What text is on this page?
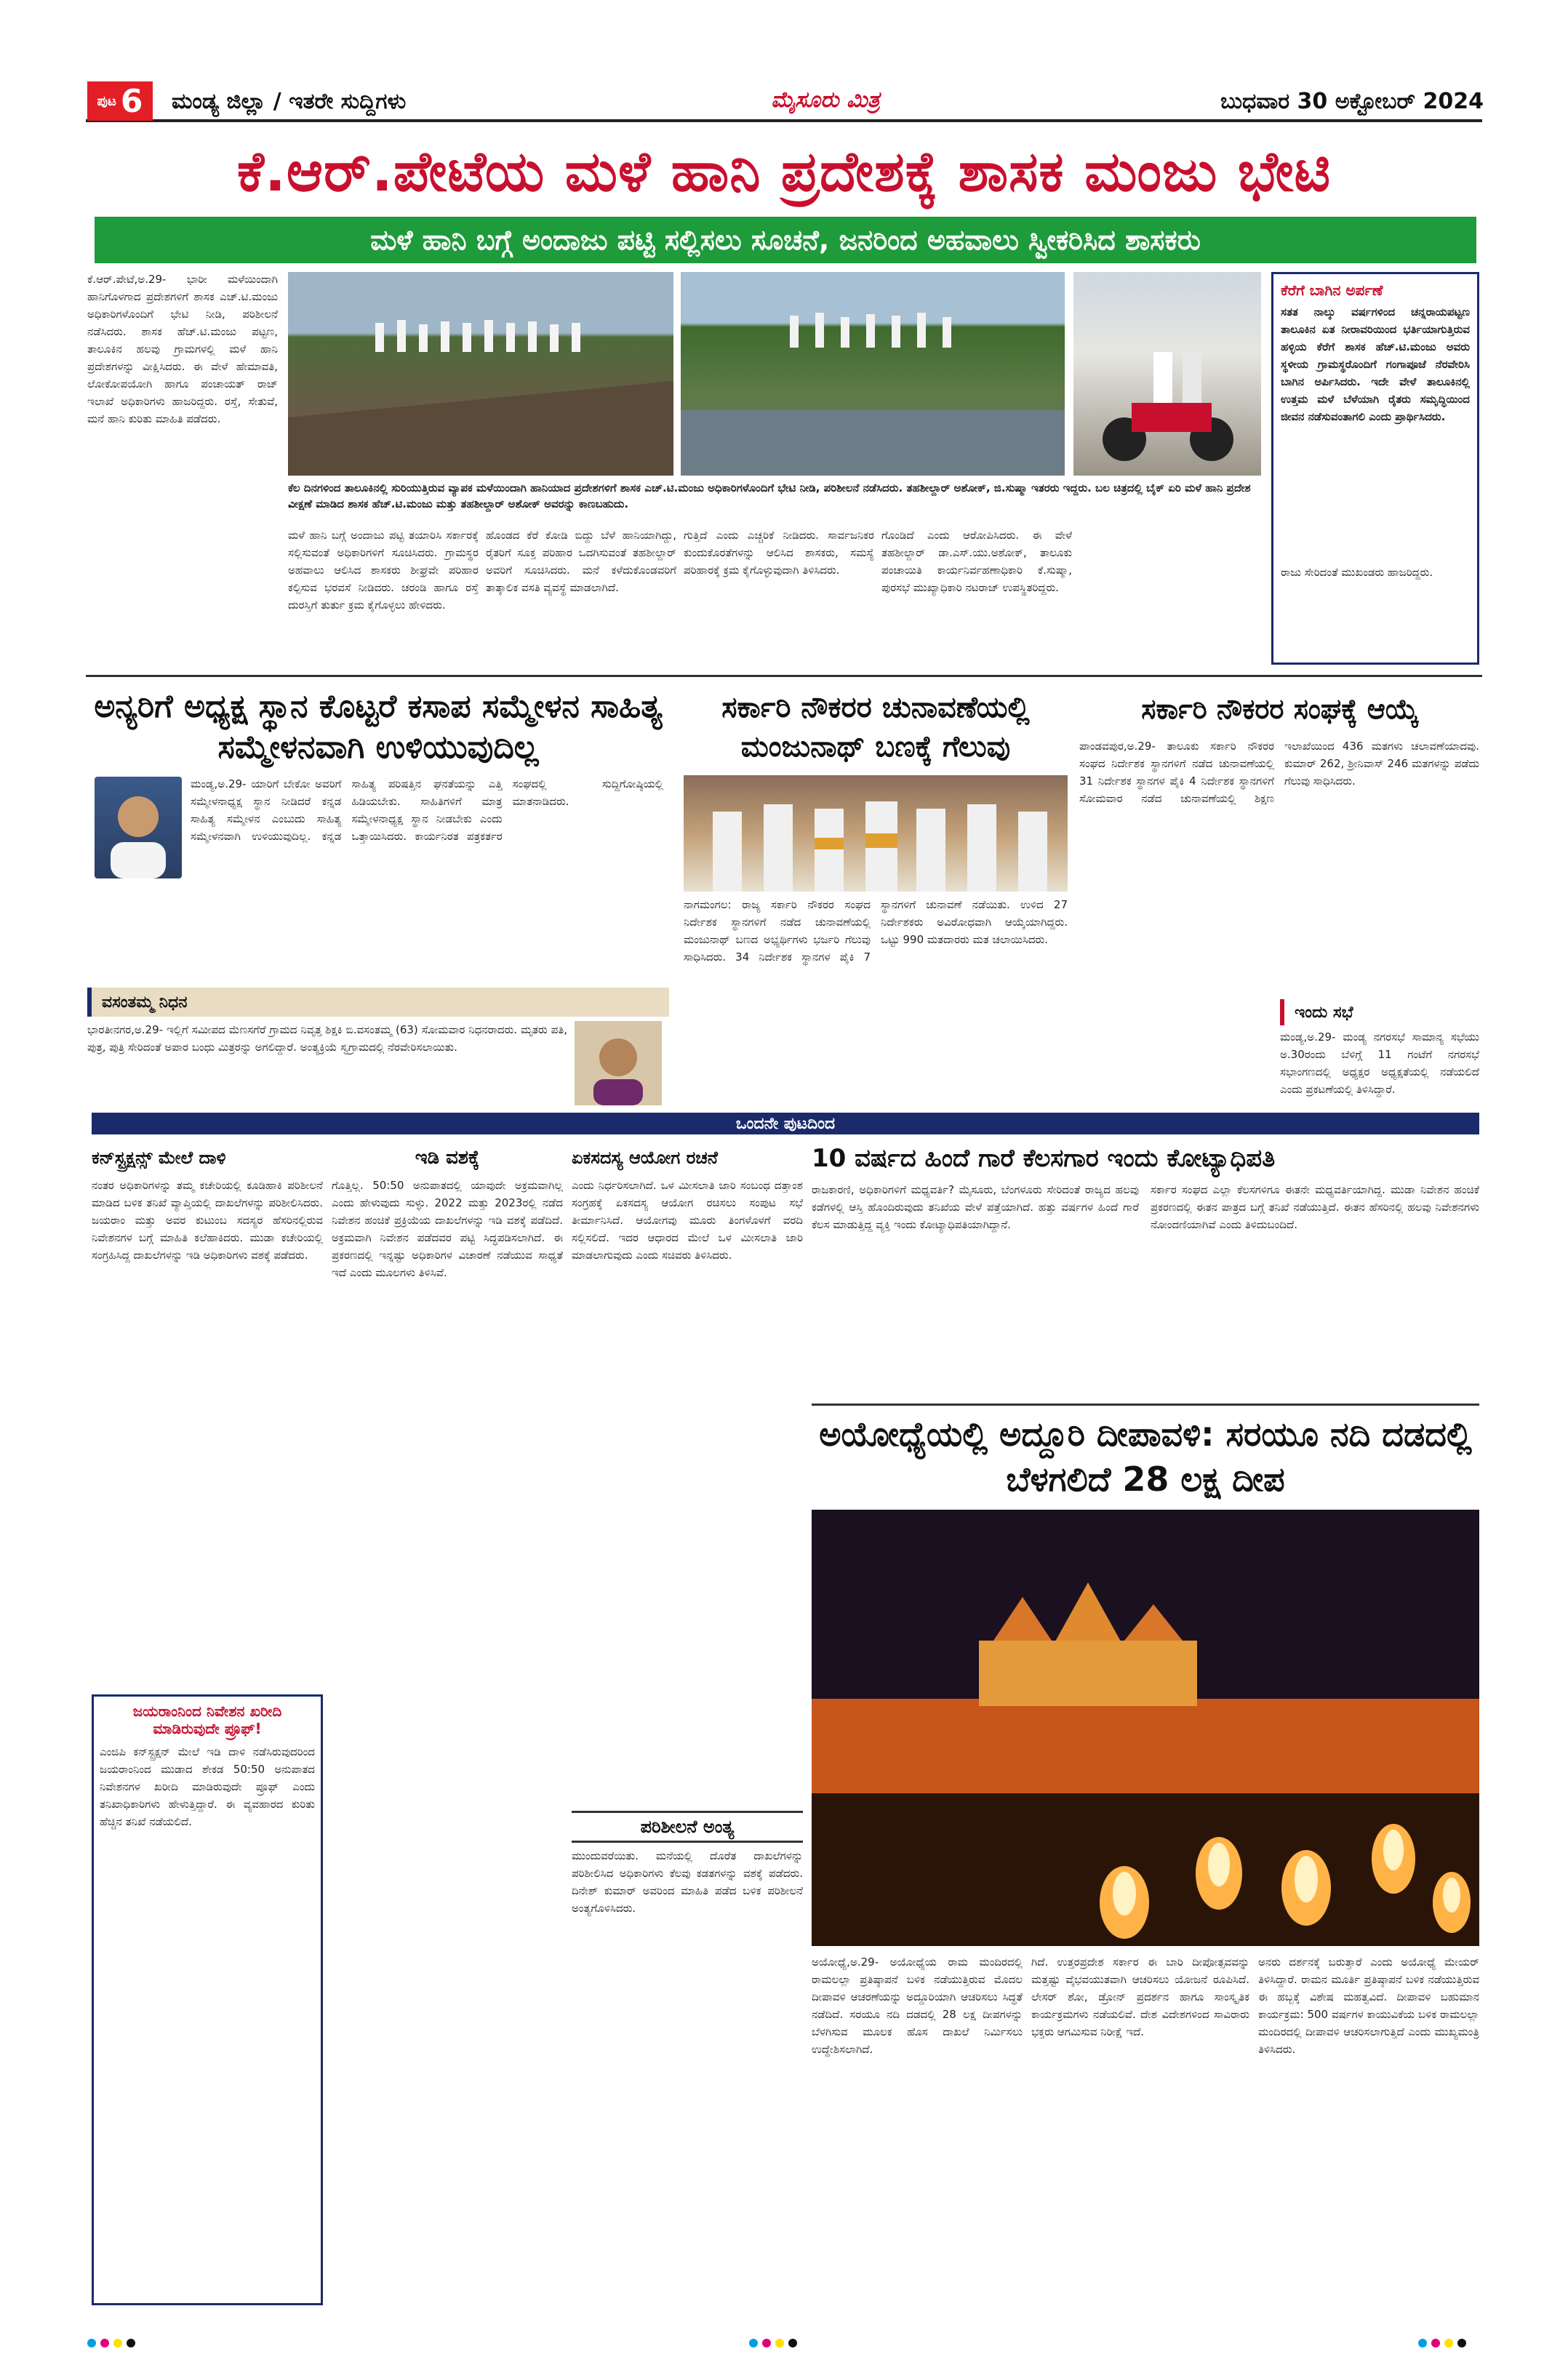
ಪುಟ 6 ಮಂಡ್ಯ ಜಿಲ್ಲಾ / ಇತರೇ ಸುದ್ದಿಗಳು	ಮೈಸೂರು ಮಿತ್ರ	ಬುಧವಾರ 30 ಅಕ್ಟೋಬರ್ 2024
ಕೆ.ಆರ್.ಪೇಟೆಯ ಮಳೆ ಹಾನಿ ಪ್ರದೇಶಕ್ಕೆ ಶಾಸಕ ಮಂಜು ಭೇಟಿ
ಮಳೆ ಹಾನಿ ಬಗ್ಗೆ ಅಂದಾಜು ಪಟ್ಟಿ ಸಲ್ಲಿಸಲು ಸೂಚನೆ, ಜನರಿಂದ ಅಹವಾಲು ಸ್ವೀಕರಿಸಿದ ಶಾಸಕರು
ಕೆ.ಆರ್.ಪೇಟೆ,ಅ.29- ಭಾರೀ ಮಳೆಯಿಂದಾಗಿ ಹಾನಿಗೊಳಗಾದ ಪ್ರದೇಶಗಳಿಗೆ ಶಾಸಕ ಎಚ್.ಟಿ.ಮಂಜು ಅಧಿಕಾರಿಗಳೊಂದಿಗೆ ಭೇಟಿ ನೀಡಿ, ಪರಿಶೀಲನೆ ನಡೆಸಿದರು. ಶಾಸಕ ಹೆಚ್.ಟಿ.ಮಂಜು ಪಟ್ಟಣ, ತಾಲೂಕಿನ ಹಲವು ಗ್ರಾಮಗಳಲ್ಲಿ ಮಳೆ ಹಾನಿ ಪ್ರದೇಶಗಳನ್ನು ವೀಕ್ಷಿಸಿದರು. ಈ ವೇಳೆ ಹೇಮಾವತಿ, ಲೋಕೋಪಯೋಗಿ ಹಾಗೂ ಪಂಚಾಯತ್ ರಾಜ್ ಇಲಾಖೆ ಅಧಿಕಾರಿಗಳು ಹಾಜರಿದ್ದರು. ರಸ್ತೆ, ಸೇತುವೆ, ಮನೆ ಹಾನಿ ಕುರಿತು ಮಾಹಿತಿ ಪಡೆದರು.
ಕೆಲ ದಿನಗಳಿಂದ ತಾಲೂಕಿನಲ್ಲಿ ಸುರಿಯುತ್ತಿರುವ ವ್ಯಾಪಕ ಮಳೆಯಿಂದಾಗಿ ಹಾನಿಯಾದ ಪ್ರದೇಶಗಳಿಗೆ ಶಾಸಕ ಎಚ್.ಟಿ.ಮಂಜು ಅಧಿಕಾರಿಗಳೊಂದಿಗೆ ಭೇಟಿ ನೀಡಿ, ಪರಿಶೀಲನೆ ನಡೆಸಿದರು. ತಹಶೀಲ್ದಾರ್ ಅಶೋಕ್, ಜಿ.ಸುಷ್ಮಾ ಇತರರು ಇದ್ದರು. ಬಲ ಚಿತ್ರದಲ್ಲಿ ಬೈಕ್ ಏರಿ ಮಳೆ ಹಾನಿ ಪ್ರದೇಶ ವೀಕ್ಷಣೆ ಮಾಡಿದ ಶಾಸಕ ಹೆಚ್.ಟಿ.ಮಂಜು ಮತ್ತು ತಹಶೀಲ್ದಾರ್ ಅಶೋಕ್ ಅವರನ್ನು ಕಾಣಬಹುದು.
ಮಳೆ ಹಾನಿ ಬಗ್ಗೆ ಅಂದಾಜು ಪಟ್ಟಿ ತಯಾರಿಸಿ ಸರ್ಕಾರಕ್ಕೆ ಸಲ್ಲಿಸುವಂತೆ ಅಧಿಕಾರಿಗಳಿಗೆ ಸೂಚಿಸಿದರು. ಗ್ರಾಮಸ್ಥರ ಅಹವಾಲು ಆಲಿಸಿದ ಶಾಸಕರು ಶೀಘ್ರವೇ ಪರಿಹಾರ ಕಲ್ಪಿಸುವ ಭರವಸೆ ನೀಡಿದರು. ಚರಂಡಿ ಹಾಗೂ ರಸ್ತೆ ದುರಸ್ತಿಗೆ ತುರ್ತು ಕ್ರಮ ಕೈಗೊಳ್ಳಲು ಹೇಳಿದರು.
ಹೊಂಡದ ಕೆರೆ ಕೋಡಿ ಬಿದ್ದು ಬೆಳೆ ಹಾನಿಯಾಗಿದ್ದು, ರೈತರಿಗೆ ಸೂಕ್ತ ಪರಿಹಾರ ಒದಗಿಸುವಂತೆ ತಹಶೀಲ್ದಾರ್ ಅವರಿಗೆ ಸೂಚಿಸಿದರು. ಮನೆ ಕಳೆದುಕೊಂಡವರಿಗೆ ತಾತ್ಕಾಲಿಕ ವಸತಿ ವ್ಯವಸ್ಥೆ ಮಾಡಲಾಗಿದೆ.
ಗುತ್ತಿದೆ ಎಂದು ಎಚ್ಚರಿಕೆ ನೀಡಿದರು. ಸಾರ್ವಜನಿಕರ ಕುಂದುಕೊರತೆಗಳನ್ನು ಆಲಿಸಿದ ಶಾಸಕರು, ಸಮಸ್ಯೆ ಪರಿಹಾರಕ್ಕೆ ಕ್ರಮ ಕೈಗೊಳ್ಳುವುದಾಗಿ ತಿಳಿಸಿದರು.
ಗೊಂಡಿದೆ ಎಂದು ಆರೋಪಿಸಿದರು. ಈ ವೇಳೆ ತಹಶೀಲ್ದಾರ್ ಡಾ.ಎಸ್.ಯು.ಅಶೋಕ್, ತಾಲೂಕು ಪಂಚಾಯಿತಿ ಕಾರ್ಯನಿರ್ವಹಣಾಧಿಕಾರಿ ಕೆ.ಸುಷ್ಮಾ, ಪುರಸಭೆ ಮುಖ್ಯಾಧಿಕಾರಿ ನಟರಾಜ್ ಉಪಸ್ಥಿತರಿದ್ದರು.
ಕೆರೆಗೆ ಬಾಗಿನ ಅರ್ಪಣೆ
ಸತತ ನಾಲ್ಕು ವರ್ಷಗಳಿಂದ ಚನ್ನರಾಯಪಟ್ಟಣ ತಾಲೂಕಿನ ಏತ ನೀರಾವರಿಯಿಂದ ಭರ್ತಿಯಾಗುತ್ತಿರುವ ಹಳ್ಳಿಯ ಕೆರೆಗೆ ಶಾಸಕ ಹೆಚ್.ಟಿ.ಮಂಜು ಅವರು ಸ್ಥಳೀಯ ಗ್ರಾಮಸ್ಥರೊಂದಿಗೆ ಗಂಗಾಪೂಜೆ ನೆರವೇರಿಸಿ ಬಾಗಿನ ಅರ್ಪಿಸಿದರು. ಇದೇ ವೇಳೆ ತಾಲೂಕಿನಲ್ಲಿ ಉತ್ತಮ ಮಳೆ ಬೆಳೆಯಾಗಿ ರೈತರು ಸಮೃದ್ಧಿಯಿಂದ ಜೀವನ ನಡೆಸುವಂತಾಗಲಿ ಎಂದು ಪ್ರಾರ್ಥಿಸಿದರು.
ರಾಜು ಸೇರಿದಂತೆ ಮುಖಂಡರು ಹಾಜರಿದ್ದರು.
ಅನ್ಯರಿಗೆ ಅಧ್ಯಕ್ಷ ಸ್ಥಾನ ಕೊಟ್ಟರೆ ಕಸಾಪ ಸಮ್ಮೇಳನ ಸಾಹಿತ್ಯ ಸಮ್ಮೇಳನವಾಗಿ ಉಳಿಯುವುದಿಲ್ಲ
ಮಂಡ್ಯ,ಅ.29- ಯಾರಿಗೆ ಬೇಕೋ ಅವರಿಗೆ ಸಮ್ಮೇಳನಾಧ್ಯಕ್ಷ ಸ್ಥಾನ ನೀಡಿದರೆ ಕನ್ನಡ ಸಾಹಿತ್ಯ ಸಮ್ಮೇಳನ ಎಂಬುದು ಸಾಹಿತ್ಯ ಸಮ್ಮೇಳನವಾಗಿ ಉಳಿಯುವುದಿಲ್ಲ. ಕನ್ನಡ ಸಾಹಿತ್ಯ ಪರಿಷತ್ತಿನ ಘನತೆಯನ್ನು ಎತ್ತಿ ಹಿಡಿಯಬೇಕು. ಸಾಹಿತಿಗಳಿಗೆ ಮಾತ್ರ ಸಮ್ಮೇಳನಾಧ್ಯಕ್ಷ ಸ್ಥಾನ ನೀಡಬೇಕು ಎಂದು ಒತ್ತಾಯಿಸಿದರು. ಕಾರ್ಯನಿರತ ಪತ್ರಕರ್ತರ ಸಂಘದಲ್ಲಿ ಸುದ್ದಿಗೋಷ್ಠಿಯಲ್ಲಿ ಮಾತನಾಡಿದರು.
ವಸಂತಮ್ಮ ನಿಧನ
ಭಾರತೀನಗರ,ಅ.29- ಇಲ್ಲಿಗೆ ಸಮೀಪದ ಮೆಣಸಗೆರೆ ಗ್ರಾಮದ ನಿವೃತ್ತ ಶಿಕ್ಷಕಿ ಬಿ.ವಸಂತಮ್ಮ (63) ಸೋಮವಾರ ನಿಧನರಾದರು. ಮೃತರು ಪತಿ, ಪುತ್ರ, ಪುತ್ರಿ ಸೇರಿದಂತೆ ಅಪಾರ ಬಂಧು ಮಿತ್ರರನ್ನು ಅಗಲಿದ್ದಾರೆ. ಅಂತ್ಯಕ್ರಿಯೆ ಸ್ವಗ್ರಾಮದಲ್ಲಿ ನೆರವೇರಿಸಲಾಯಿತು.
ಸರ್ಕಾರಿ ನೌಕರರ ಚುನಾವಣೆಯಲ್ಲಿ ಮಂಜುನಾಥ್ ಬಣಕ್ಕೆ ಗೆಲುವು
ನಾಗಮಂಗಲ: ರಾಜ್ಯ ಸರ್ಕಾರಿ ನೌಕರರ ಸಂಘದ ನಿರ್ದೇಶಕ ಸ್ಥಾನಗಳಿಗೆ ನಡೆದ ಚುನಾವಣೆಯಲ್ಲಿ ಮಂಜುನಾಥ್ ಬಣದ ಅಭ್ಯರ್ಥಿಗಳು ಭರ್ಜರಿ ಗೆಲುವು ಸಾಧಿಸಿದರು. 34 ನಿರ್ದೇಶಕ ಸ್ಥಾನಗಳ ಪೈಕಿ 7 ಸ್ಥಾನಗಳಿಗೆ ಚುನಾವಣೆ ನಡೆಯಿತು. ಉಳಿದ 27 ನಿರ್ದೇಶಕರು ಅವಿರೋಧವಾಗಿ ಆಯ್ಕೆಯಾಗಿದ್ದರು. ಒಟ್ಟು 990 ಮತದಾರರು ಮತ ಚಲಾಯಿಸಿದರು.
ಸರ್ಕಾರಿ ನೌಕರರ ಸಂಘಕ್ಕೆ ಆಯ್ಕೆ
ಪಾಂಡವಪುರ,ಅ.29- ತಾಲೂಕು ಸರ್ಕಾರಿ ನೌಕರರ ಸಂಘದ ನಿರ್ದೇಶಕ ಸ್ಥಾನಗಳಿಗೆ ನಡೆದ ಚುನಾವಣೆಯಲ್ಲಿ 31 ನಿರ್ದೇಶಕ ಸ್ಥಾನಗಳ ಪೈಕಿ 4 ನಿರ್ದೇಶಕ ಸ್ಥಾನಗಳಿಗೆ ಸೋಮವಾರ ನಡೆದ ಚುನಾವಣೆಯಲ್ಲಿ ಶಿಕ್ಷಣ ಇಲಾಖೆಯಿಂದ 436 ಮತಗಳು ಚಲಾವಣೆಯಾದವು. ಕುಮಾರ್ 262, ಶ್ರೀನಿವಾಸ್ 246 ಮತಗಳನ್ನು ಪಡೆದು ಗೆಲುವು ಸಾಧಿಸಿದರು.
ಇಂದು ಸಭೆ
ಮಂಡ್ಯ,ಅ.29- ಮಂಡ್ಯ ನಗರಸಭೆ ಸಾಮಾನ್ಯ ಸಭೆಯು ಅ.30ರಂದು ಬೆಳಿಗ್ಗೆ 11 ಗಂಟೆಗೆ ನಗರಸಭೆ ಸಭಾಂಗಣದಲ್ಲಿ ಅಧ್ಯಕ್ಷರ ಅಧ್ಯಕ್ಷತೆಯಲ್ಲಿ ನಡೆಯಲಿದೆ ಎಂದು ಪ್ರಕಟಣೆಯಲ್ಲಿ ತಿಳಿಸಿದ್ದಾರೆ.
ಒಂದನೇ ಪುಟದಿಂದ
ಕನ್‌ಸ್ಟ್ರಕ್ಷನ್ಸ್ ಮೇಲೆ ದಾಳಿ
ನಂತರ ಅಧಿಕಾರಿಗಳನ್ನು ತಮ್ಮ ಕಚೇರಿಯಲ್ಲಿ ಕೂಡಿಹಾಕಿ ಪರಿಶೀಲನೆ ಮಾಡಿದ ಬಳಿಕ ತನಿಖೆ ವ್ಯಾಪ್ತಿಯಲ್ಲಿ ದಾಖಲೆಗಳನ್ನು ಪರಿಶೀಲಿಸಿದರು. ಜಯರಾಂ ಮತ್ತು ಅವರ ಕುಟುಂಬ ಸದಸ್ಯರ ಹೆಸರಿನಲ್ಲಿರುವ ನಿವೇಶನಗಳ ಬಗ್ಗೆ ಮಾಹಿತಿ ಕಲೆಹಾಕಿದರು. ಮುಡಾ ಕಚೇರಿಯಲ್ಲಿ ಸಂಗ್ರಹಿಸಿದ್ದ ದಾಖಲೆಗಳನ್ನು ಇಡಿ ಅಧಿಕಾರಿಗಳು ವಶಕ್ಕೆ ಪಡೆದರು.
ಜಯರಾಂನಿಂದ ನಿವೇಶನ ಖರೀದಿ ಮಾಡಿರುವುದೇ ಪ್ರೂಫ್!
ಎಂಜಿಪಿ ಕನ್‌ಸ್ಟ್ರಕ್ಷನ್ ಮೇಲೆ ಇಡಿ ದಾಳಿ ನಡೆಸಿರುವುದರಿಂದ ಜಯರಾಂನಿಂದ ಮುಡಾದ ಶೇಕಡ 50:50 ಅನುಪಾತದ ನಿವೇಶನಗಳ ಖರೀದಿ ಮಾಡಿರುವುದೇ ಪ್ರೂಫ್ ಎಂದು ತನಿಖಾಧಿಕಾರಿಗಳು ಹೇಳುತ್ತಿದ್ದಾರೆ. ಈ ವ್ಯವಹಾರದ ಕುರಿತು ಹೆಚ್ಚಿನ ತನಿಖೆ ನಡೆಯಲಿದೆ.
ಇಡಿ ವಶಕ್ಕೆ
ಗೊತ್ತಿಲ್ಲ. 50:50 ಅನುಪಾತದಲ್ಲಿ ಯಾವುದೇ ಅಕ್ರಮವಾಗಿಲ್ಲ ಎಂದು ಹೇಳುವುದು ಸುಳ್ಳು. 2022 ಮತ್ತು 2023ರಲ್ಲಿ ನಡೆದ ನಿವೇಶನ ಹಂಚಿಕೆ ಪ್ರಕ್ರಿಯೆಯ ದಾಖಲೆಗಳನ್ನು ಇಡಿ ವಶಕ್ಕೆ ಪಡೆದಿದೆ. ಅಕ್ರಮವಾಗಿ ನಿವೇಶನ ಪಡೆದವರ ಪಟ್ಟಿ ಸಿದ್ಧಪಡಿಸಲಾಗಿದೆ. ಈ ಪ್ರಕರಣದಲ್ಲಿ ಇನ್ನಷ್ಟು ಅಧಿಕಾರಿಗಳ ವಿಚಾರಣೆ ನಡೆಯುವ ಸಾಧ್ಯತೆ ಇದೆ ಎಂದು ಮೂಲಗಳು ತಿಳಿಸಿವೆ.
ಏಕಸದಸ್ಯ ಆಯೋಗ ರಚನೆ
ಎಂದು ನಿರ್ಧರಿಸಲಾಗಿದೆ. ಒಳ ಮೀಸಲಾತಿ ಜಾರಿ ಸಂಬಂಧ ದತ್ತಾಂಶ ಸಂಗ್ರಹಕ್ಕೆ ಏಕಸದಸ್ಯ ಆಯೋಗ ರಚಿಸಲು ಸಂಪುಟ ಸಭೆ ತೀರ್ಮಾನಿಸಿದೆ. ಆಯೋಗವು ಮೂರು ತಿಂಗಳೊಳಗೆ ವರದಿ ಸಲ್ಲಿಸಲಿದೆ. ಇದರ ಆಧಾರದ ಮೇಲೆ ಒಳ ಮೀಸಲಾತಿ ಜಾರಿ ಮಾಡಲಾಗುವುದು ಎಂದು ಸಚಿವರು ತಿಳಿಸಿದರು.
ಪರಿಶೀಲನೆ ಅಂತ್ಯ
ಮುಂದುವರೆಯಿತು. ಮನೆಯಲ್ಲಿ ದೊರೆತ ದಾಖಲೆಗಳನ್ನು ಪರಿಶೀಲಿಸಿದ ಅಧಿಕಾರಿಗಳು ಕೆಲವು ಕಡತಗಳನ್ನು ವಶಕ್ಕೆ ಪಡೆದರು. ದಿನೇಶ್ ಕುಮಾರ್ ಅವರಿಂದ ಮಾಹಿತಿ ಪಡೆದ ಬಳಿಕ ಪರಿಶೀಲನೆ ಅಂತ್ಯಗೊಳಿಸಿದರು.
10 ವರ್ಷದ ಹಿಂದೆ ಗಾರೆ ಕೆಲಸಗಾರ ಇಂದು ಕೋಟ್ಯಾಧಿಪತಿ
ರಾಜಕಾರಣಿ, ಅಧಿಕಾರಿಗಳಿಗೆ ಮಧ್ಯವರ್ತಿ? ಮೈಸೂರು, ಬೆಂಗಳೂರು ಸೇರಿದಂತೆ ರಾಜ್ಯದ ಹಲವು ಕಡೆಗಳಲ್ಲಿ ಆಸ್ತಿ ಹೊಂದಿರುವುದು ತನಿಖೆಯ ವೇಳೆ ಪತ್ತೆಯಾಗಿದೆ. ಹತ್ತು ವರ್ಷಗಳ ಹಿಂದೆ ಗಾರೆ ಕೆಲಸ ಮಾಡುತ್ತಿದ್ದ ವ್ಯಕ್ತಿ ಇಂದು ಕೋಟ್ಯಾಧಿಪತಿಯಾಗಿದ್ದಾನೆ.
ಸರ್ಕಾರ ಸಂಘದ ಎಲ್ಲಾ ಕೆಲಸಗಳಿಗೂ ಈತನೇ ಮಧ್ಯವರ್ತಿಯಾಗಿದ್ದ. ಮುಡಾ ನಿವೇಶನ ಹಂಚಿಕೆ ಪ್ರಕರಣದಲ್ಲಿ ಈತನ ಪಾತ್ರದ ಬಗ್ಗೆ ತನಿಖೆ ನಡೆಯುತ್ತಿದೆ. ಈತನ ಹೆಸರಿನಲ್ಲಿ ಹಲವು ನಿವೇಶನಗಳು ನೋಂದಣಿಯಾಗಿವೆ ಎಂದು ತಿಳಿದುಬಂದಿದೆ.
ಅಯೋಧ್ಯೆಯಲ್ಲಿ ಅದ್ದೂರಿ ದೀಪಾವಳಿ: ಸರಯೂ ನದಿ ದಡದಲ್ಲಿ ಬೆಳಗಲಿದೆ 28 ಲಕ್ಷ ದೀಪ
ಅಯೋಧ್ಯೆ,ಅ.29- ಅಯೋಧ್ಯೆಯ ರಾಮ ಮಂದಿರದಲ್ಲಿ ರಾಮಲಲ್ಲಾ ಪ್ರತಿಷ್ಠಾಪನೆ ಬಳಿಕ ನಡೆಯುತ್ತಿರುವ ಮೊದಲ ದೀಪಾವಳಿ ಆಚರಣೆಯನ್ನು ಅದ್ದೂರಿಯಾಗಿ ಆಚರಿಸಲು ಸಿದ್ಧತೆ ನಡೆದಿದೆ. ಸರಯೂ ನದಿ ದಡದಲ್ಲಿ 28 ಲಕ್ಷ ದೀಪಗಳನ್ನು ಬೆಳಗಿಸುವ ಮೂಲಕ ಹೊಸ ದಾಖಲೆ ನಿರ್ಮಿಸಲು ಉದ್ದೇಶಿಸಲಾಗಿದೆ.
ಗಿದೆ. ಉತ್ತರಪ್ರದೇಶ ಸರ್ಕಾರ ಈ ಬಾರಿ ದೀಪೋತ್ಸವವನ್ನು ಮತ್ತಷ್ಟು ವೈಭವಯುತವಾಗಿ ಆಚರಿಸಲು ಯೋಜನೆ ರೂಪಿಸಿದೆ. ಲೇಸರ್ ಶೋ, ಡ್ರೋನ್ ಪ್ರದರ್ಶನ ಹಾಗೂ ಸಾಂಸ್ಕೃತಿಕ ಕಾರ್ಯಕ್ರಮಗಳು ನಡೆಯಲಿವೆ. ದೇಶ ವಿದೇಶಗಳಿಂದ ಸಾವಿರಾರು ಭಕ್ತರು ಆಗಮಿಸುವ ನಿರೀಕ್ಷೆ ಇದೆ.
ಅನರು ದರ್ಶನಕ್ಕೆ ಬರುತ್ತಾರೆ ಎಂದು ಅಯೋಧ್ಯೆ ಮೇಯರ್ ತಿಳಿಸಿದ್ದಾರೆ. ರಾಮನ ಮೂರ್ತಿ ಪ್ರತಿಷ್ಠಾಪನೆ ಬಳಿಕ ನಡೆಯುತ್ತಿರುವ ಈ ಹಬ್ಬಕ್ಕೆ ವಿಶೇಷ ಮಹತ್ವವಿದೆ. ದೀಪಾವಳಿ ಬಹುಮಾನ ಕಾರ್ಯಕ್ರಮ: 500 ವರ್ಷಗಳ ಕಾಯುವಿಕೆಯ ಬಳಿಕ ರಾಮಲಲ್ಲಾ ಮಂದಿರದಲ್ಲಿ ದೀಪಾವಳಿ ಆಚರಿಸಲಾಗುತ್ತಿದೆ ಎಂದು ಮುಖ್ಯಮಂತ್ರಿ ತಿಳಿಸಿದರು.
